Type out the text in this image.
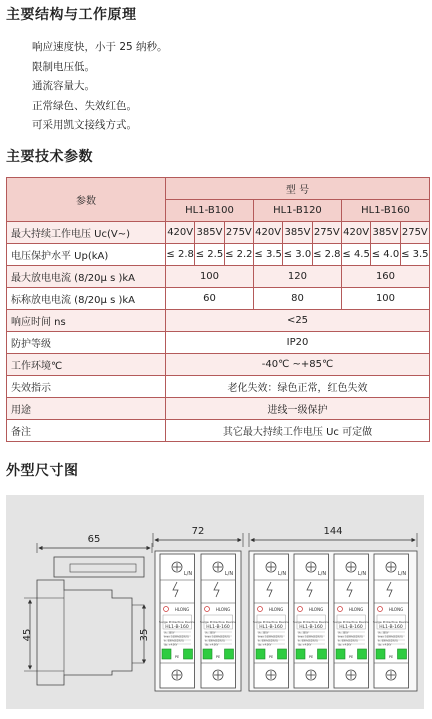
主要结构与工作原理
响应速度快，小于 25 纳秒。
限制电压低。
通流容量大。
正常绿色、失效红色。
可采用凯文接线方式。
主要技术参数
参数	型 号								
	HL1-B100			HL1-B120			HL1-B160		
最大持续工作电压 Uc(V~)	420V	385V	275V	420V	385V	275V	420V	385V	275V
电压保护水平 Up(kA)	≤ 2.8	≤ 2.5	≤ 2.2	≤ 3.5	≤ 3.0	≤ 2.8	≤ 4.5	≤ 4.0	≤ 3.5
最大放电电流 (8/20μ s )kA	100			120			160		
标称放电电流 (8/20μ s )kA	60			80			100		
响应时间 ns	<25								
防护等级	IP20								
工作环境℃	-40℃ ~+85℃								
失效指示	老化失效：绿色正常，红色失效								
用途	进线一级保护								
备注	其它最大持续工作电压 Uc 可定做								
外型尺寸图
65
45	35
72	144
L/N	L/N	L/N	L/N	L/N	L/N
HLONG	HLONG	HLONG	HLONG	HLONG	HLONG
Surge Protective Device Surge Protective Device	Surge Protective Device Surge Protective Device Surge Protective Device Surge Protective Device
HL1-B-160	HL1-B-160	HL1-B-160	HL1-B-160	HL1-B-160	HL1-B-160
Uc: 385V
Imax: 160KA(8/20US)
In: 80KA(8/20US)
Up: ≤4.0KV
Uc: 385V
Imax: 160KA(8/20US)
In: 80KA(8/20US)
Up: ≤4.0KV
Uc: 385V
Imax: 160KA(8/20US)
In: 80KA(8/20US)
Up: ≤4.0KV
Uc: 385V
Imax: 160KA(8/20US)
In: 80KA(8/20US)
Up: ≤4.0KV
Uc: 385V
Imax: 160KA(8/20US)
In: 80KA(8/20US)
Up: ≤4.0KV
Uc: 385V
Imax: 160KA(8/20US)
In: 80KA(8/20US)
Up: ≤4.0KV
PE	PE	PE	PE	PE	PE
